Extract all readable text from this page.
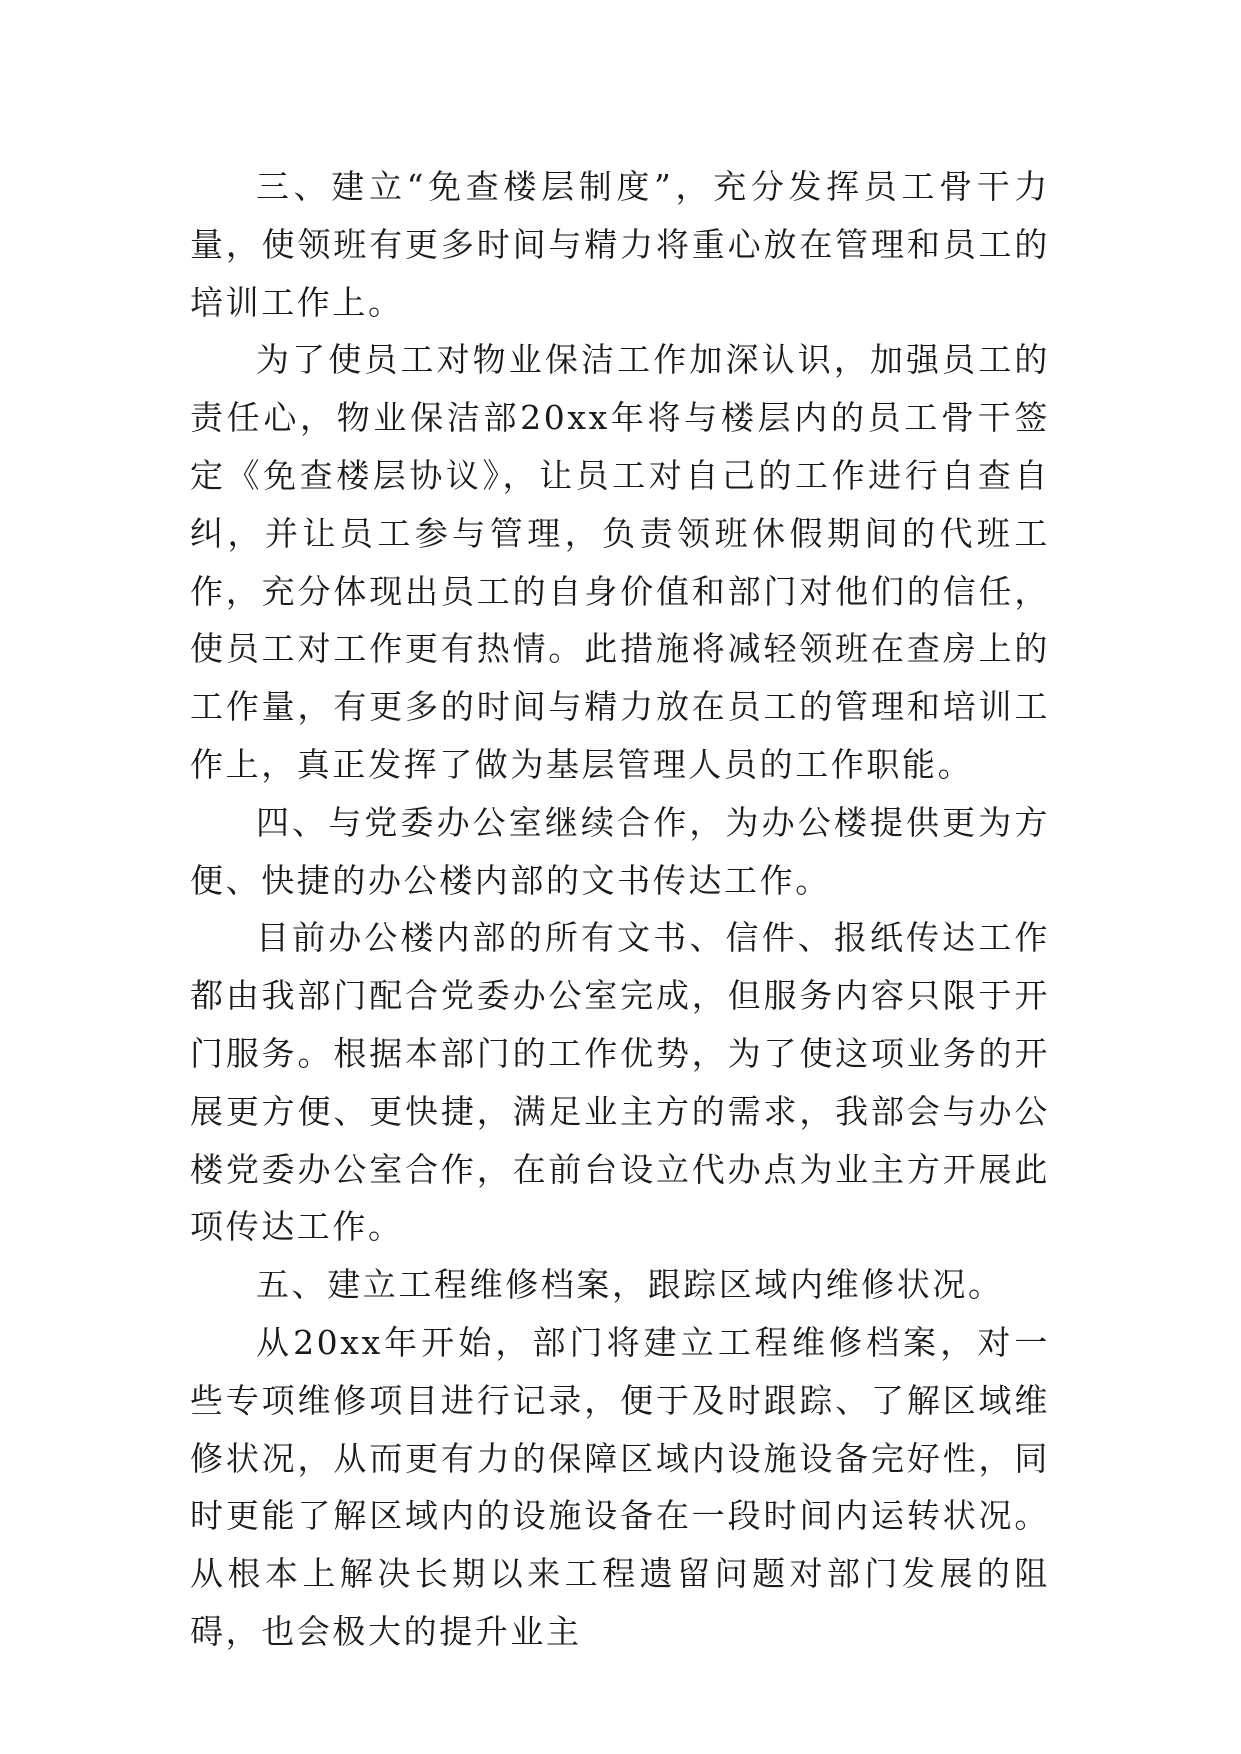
三、建立“免查楼层制度”，充分发挥员工骨干力量，使领班有更多时间与精力将重心放在管理和员工的培训工作上。

为了使员工对物业保洁工作加深认识，加强员工的责任心，物业保洁部20xx年将与楼层内的员工骨干签定《免查楼层协议》，让员工对自己的工作进行自查自纠，并让员工参与管理，负责领班休假期间的代班工作，充分体现出员工的自身价值和部门对他们的信任，使员工对工作更有热情。此措施将减轻领班在查房上的工作量，有更多的时间与精力放在员工的管理和培训工作上，真正发挥了做为基层管理人员的工作职能。

四、与党委办公室继续合作，为办公楼提供更为方便、快捷的办公楼内部的文书传达工作。

目前办公楼内部的所有文书、信件、报纸传达工作都由我部门配合党委办公室完成，但服务内容只限于开门服务。根据本部门的工作优势，为了使这项业务的开展更方便、更快捷，满足业主方的需求，我部会与办公楼党委办公室合作，在前台设立代办点为业主方开展此项传达工作。

五、建立工程维修档案，跟踪区域内维修状况。

从20xx年开始，部门将建立工程维修档案，对一些专项维修项目进行记录，便于及时跟踪、了解区域维修状况，从而更有力的保障区域内设施设备完好性，同时更能了解区域内的设施设备在一段时间内运转状况。从根本上解决长期以来工程遗留问题对部门发展的阻碍，也会极大的提升业主
